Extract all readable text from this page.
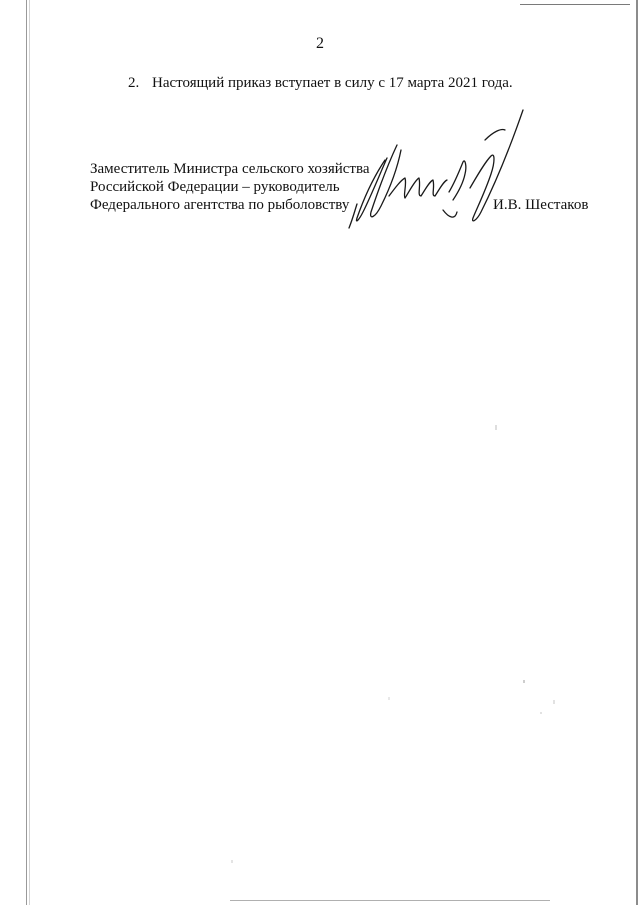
2
2. Настоящий приказ вступает в силу с 17 марта 2021 года.
Заместитель Министра сельского хозяйства
Российской Федерации – руководитель
Федерального агентства по рыболовству	И.В. Шестаков
